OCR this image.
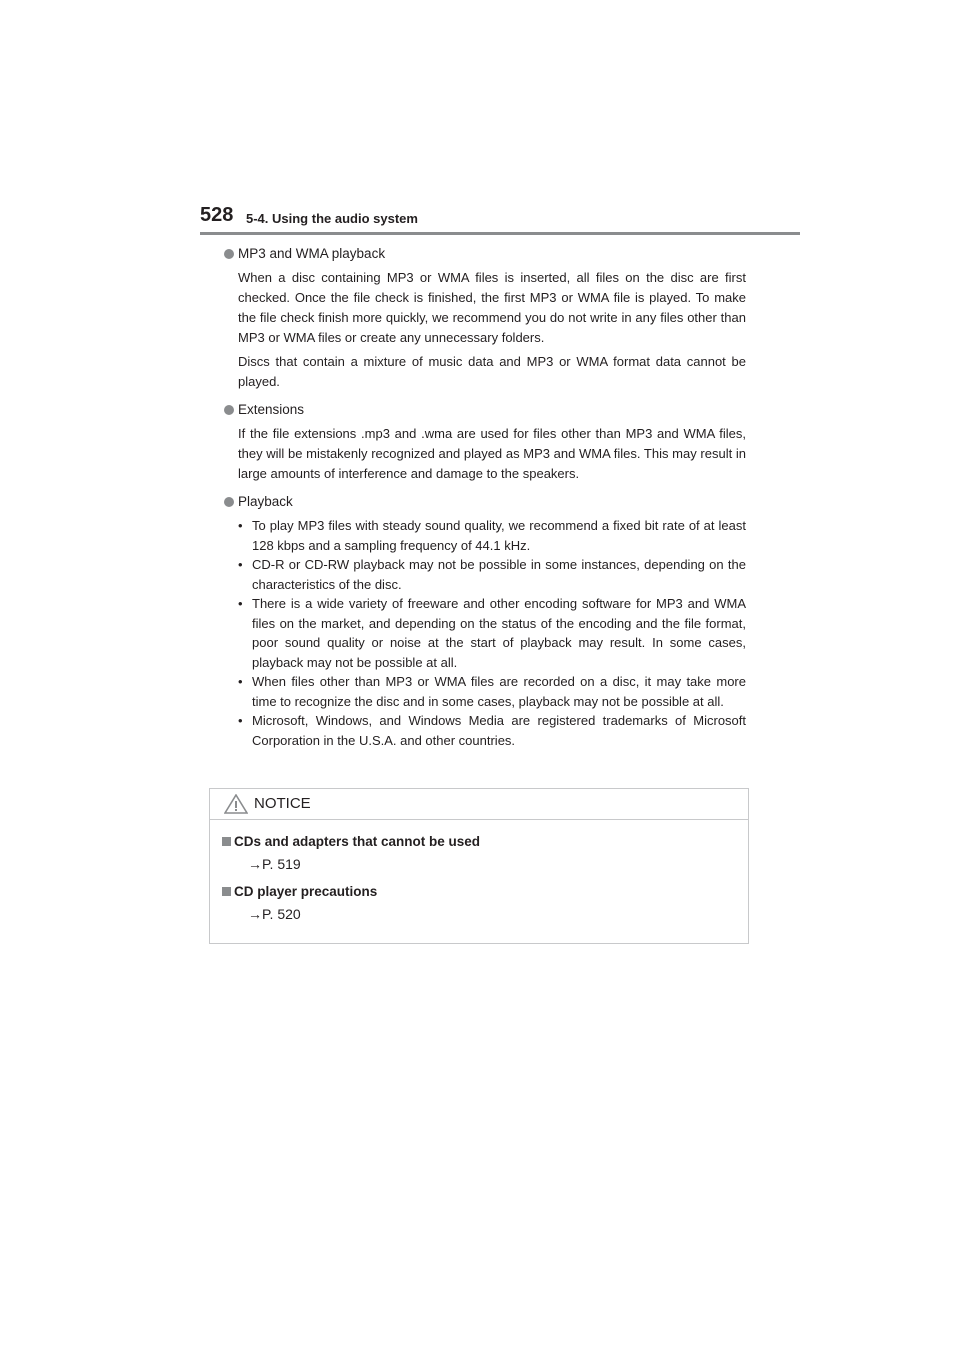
528 5-4. Using the audio system
MP3 and WMA playback

When a disc containing MP3 or WMA files is inserted, all files on the disc are first checked. Once the file check is finished, the first MP3 or WMA file is played. To make the file check finish more quickly, we recommend you do not write in any files other than MP3 or WMA files or create any unnecessary folders.

Discs that contain a mixture of music data and MP3 or WMA format data cannot be played.

Extensions

If the file extensions .mp3 and .wma are used for files other than MP3 and WMA files, they will be mistakenly recognized and played as MP3 and WMA files. This may result in large amounts of interference and damage to the speakers.

Playback
• To play MP3 files with steady sound quality, we recommend a fixed bit rate of at least 128 kbps and a sampling frequency of 44.1 kHz.
• CD-R or CD-RW playback may not be possible in some instances, depending on the characteristics of the disc.
• There is a wide variety of freeware and other encoding software for MP3 and WMA files on the market, and depending on the status of the encoding and the file format, poor sound quality or noise at the start of playback may result. In some cases, playback may not be possible at all.
• When files other than MP3 or WMA files are recorded on a disc, it may take more time to recognize the disc and in some cases, playback may not be possible at all.
• Microsoft, Windows, and Windows Media are registered trademarks of Microsoft Corporation in the U.S.A. and other countries.
NOTICE
CDs and adapters that cannot be used
→P. 519
CD player precautions
→P. 520
